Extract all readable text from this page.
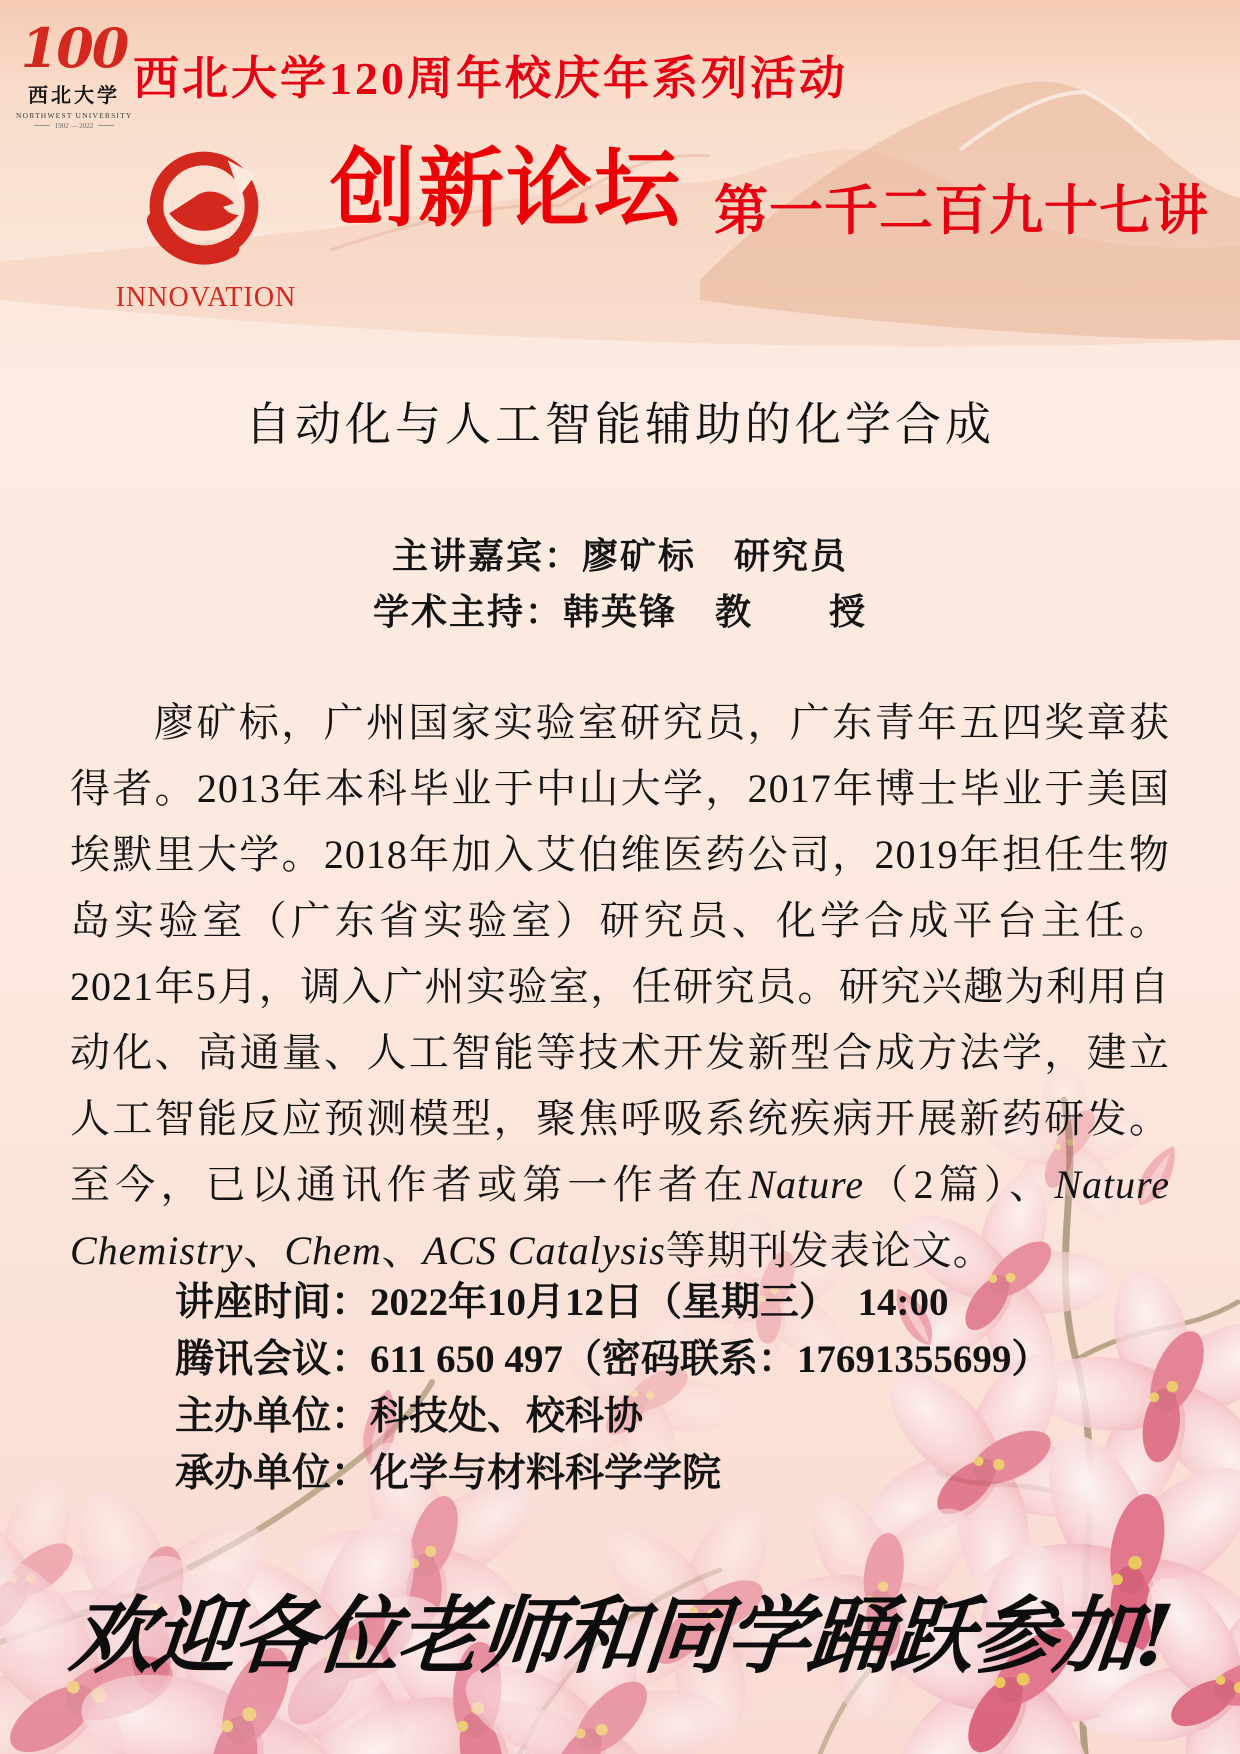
100
西北大学
NORTHWEST UNIVERSITY
1902 — 2022
西北大学120周年校庆年系列活动
INNOVATION
创新论坛 第一千二百九十七讲
自动化与人工智能辅助的化学合成
主讲嘉宾：廖矿标　研究员
学术主持：韩英锋　教　　授

廖矿标，广州国家实验室研究员，广东青年五四奖章获得者。2013年本科毕业于中山大学，2017年博士毕业于美国埃默里大学。2018年加入艾伯维医药公司，2019年担任生物岛实验室（广东省实验室）研究员、化学合成平台主任。2021年5月，调入广州实验室，任研究员。研究兴趣为利用自动化、高通量、人工智能等技术开发新型合成方法学，建立人工智能反应预测模型，聚焦呼吸系统疾病开展新药研发。至今，已以通讯作者或第一作者在Nature（2篇）、Nature Chemistry、Chem、ACS Catalysis等期刊发表论文。

讲座时间：2022年10月12日（星期三）　14:00
腾讯会议：611 650 497（密码联系：17691355699）
主办单位：科技处、校科协
承办单位：化学与材料科学学院
欢迎各位老师和同学踊跃参加!
